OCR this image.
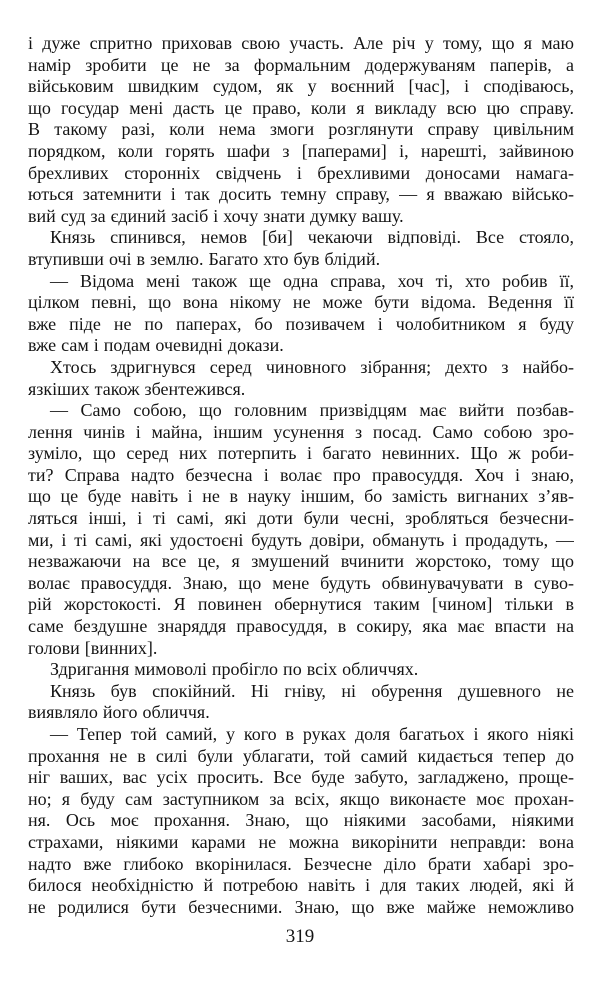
і дуже спритно приховав свою участь. Але річ у тому, що я маю
намір зробити це не за формальним додержуваням паперів, а
військовим швидким судом, як у воєнний [час], і сподіваюсь,
що государ мені дасть це право, коли я викладу всю цю справу.
В такому разі, коли нема змоги розглянути справу цивільним
порядком, коли горять шафи з [паперами] і, нарешті, зайвиною
брехливих сторонніх свідчень і брехливими доносами намага-
ються затемнити і так досить темну справу, — я вважаю військо-
вий суд за єдиний засіб і хочу знати думку вашу.

Князь спинився, немов [би] чекаючи відповіді. Все стояло,
втупивши очі в землю. Багато хто був блідий.

— Відома мені також ще одна справа, хоч ті, хто робив її,
цілком певні, що вона нікому не може бути відома. Ведення її
вже піде не по паперах, бо позивачем і чолобитником я буду
вже сам і подам очевидні докази.

Хтось здригнувся серед чиновного зібрання; дехто з найбо-
язкіших також збентежився.

— Само собою, що головним призвідцям має вийти позбав-
лення чинів і майна, іншим усунення з посад. Само собою зро-
зуміло, що серед них потерпить і багато невинних. Що ж роби-
ти? Справа надто безчесна і волає про правосуддя. Хоч і знаю,
що це буде навіть і не в науку іншим, бо замість вигнаних з’яв-
ляться інші, і ті самі, які доти були чесні, зробляться безчесни-
ми, і ті самі, які удостоєні будуть довіри, обмануть і продадуть, —
незважаючи на все це, я змушений вчинити жорстоко, тому що
волає правосуддя. Знаю, що мене будуть обвинувачувати в суво-
рій жорстокості. Я повинен обернутися таким [чином] тільки в
саме бездушне знаряддя правосуддя, в сокиру, яка має впасти на
голови [винних].

Здригання мимоволі пробігло по всіх обличчях.

Князь був спокійний. Ні гніву, ні обурення душевного не
виявляло його обличчя.

— Тепер той самий, у кого в руках доля багатьох і якого ніякі
прохання не в силі були ублагати, той самий кидається тепер до
ніг ваших, вас усіх просить. Все буде забуто, загладжено, проще-
но; я буду сам заступником за всіх, якщо виконаєте моє прохан-
ня. Ось моє прохання. Знаю, що ніякими засобами, ніякими
страхами, ніякими карами не можна викорінити неправди: вона
надто вже глибоко вкорінилася. Безчесне діло брати хабарі зро-
билося необхідністю й потребою навіть і для таких людей, які й
не родилися бути безчесними. Знаю, що вже майже неможливо

319
